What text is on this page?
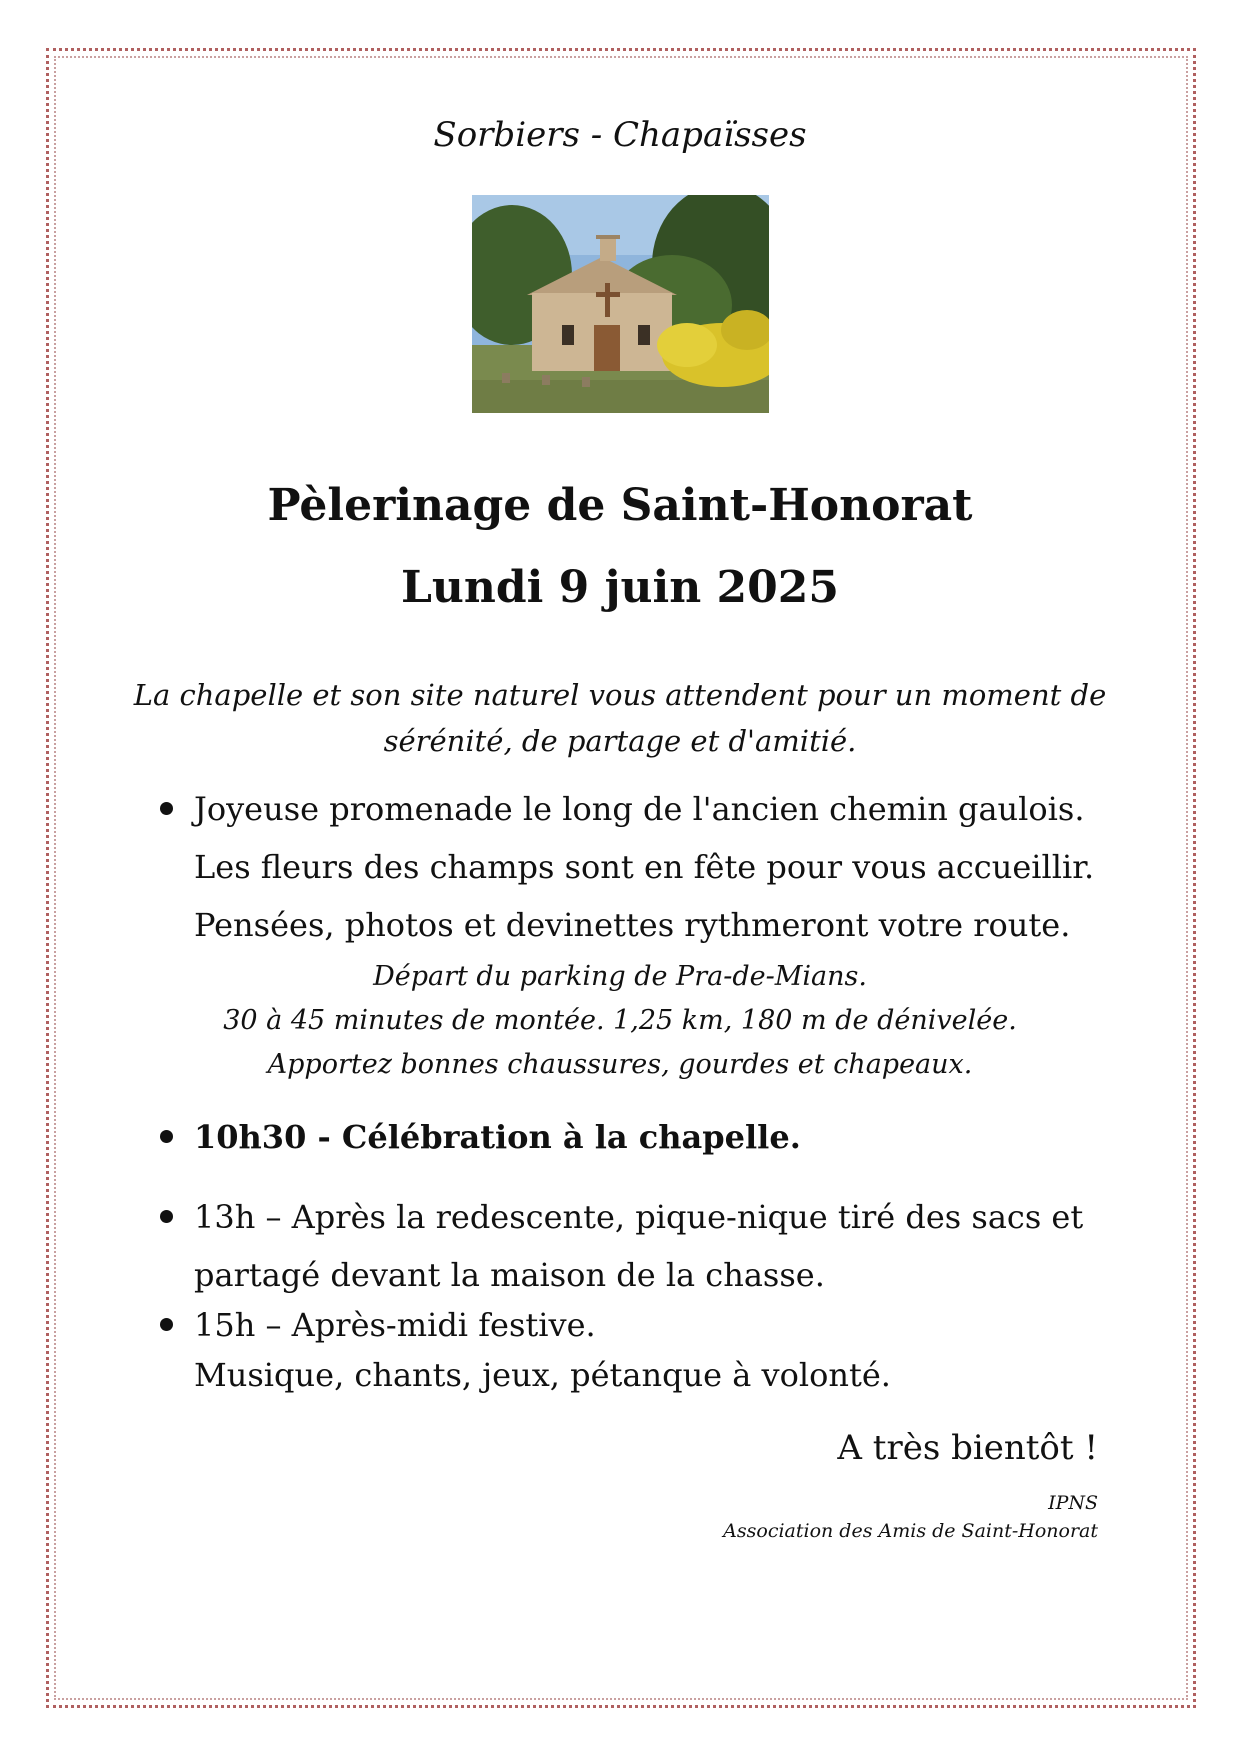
Sorbiers - Chapaïsses
Pèlerinage de Saint-Honorat
Lundi 9 juin 2025
La chapelle et son site naturel vous attendent pour un moment de
sérénité, de partage et d'amitié.
Joyeuse promenade le long de l'ancien chemin gaulois.
Les fleurs des champs sont en fête pour vous accueillir.
Pensées, photos et devinettes rythmeront votre route.
Départ du parking de Pra-de-Mians.
30 à 45 minutes de montée. 1,25 km, 180 m de dénivelée.
Apportez bonnes chaussures, gourdes et chapeaux.
10h30 - Célébration à la chapelle.
13h – Après la redescente, pique-nique tiré des sacs et
partagé devant la maison de la chasse.
15h – Après-midi festive.
Musique, chants, jeux, pétanque à volonté.
A très bientôt !
IPNS
Association des Amis de Saint-Honorat
